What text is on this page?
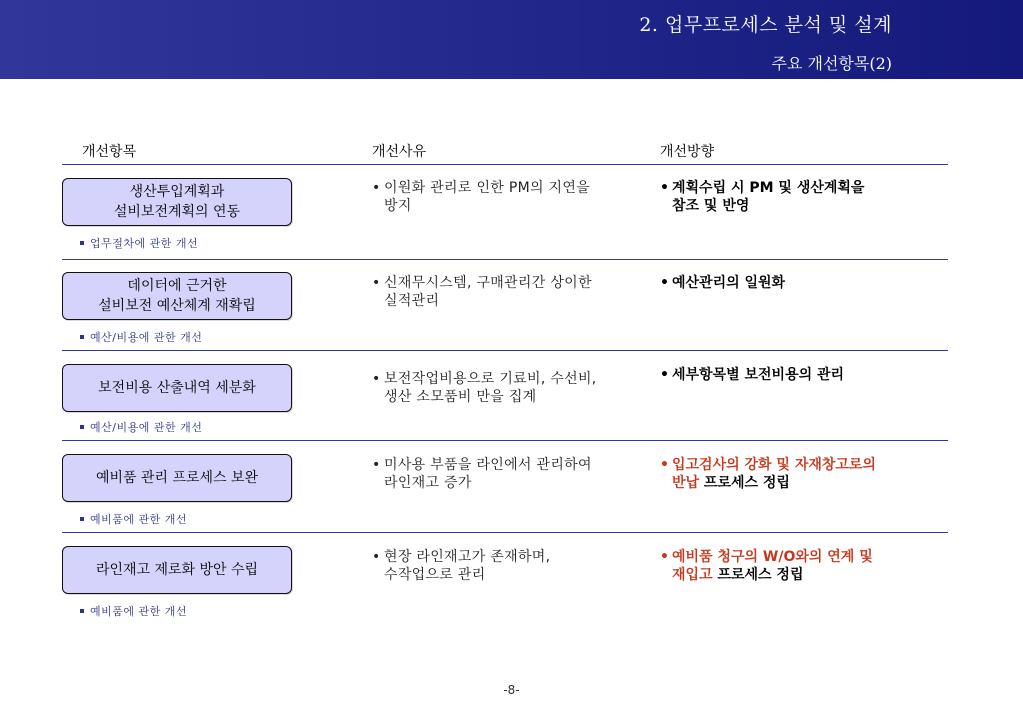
2. 업무프로세스 분석 및 설계
주요 개선항목(2)
개선항목	개선사유	개선방향
생산투입계획과
설비보전계획의 연동
업무절차에 관한 개선
• 이원화 관리로 인한 PM의 지연을
방지
• 계획수립 시 PM 및 생산계획을
참조 및 반영
데이터에 근거한
설비보전 예산체계 재확립
예산/비용에 관한 개선
• 신재무시스템, 구매관리간 상이한
실적관리
• 예산관리의 일원화
보전비용 산출내역 세분화
예산/비용에 관한 개선
• 보전작업비용으로 기료비, 수선비,
생산 소모품비 만을 집계
• 세부항목별 보전비용의 관리
예비품 관리 프로세스 보완
예비품에 관한 개선
• 미사용 부품을 라인에서 관리하여
라인재고 증가
• 입고검사의 강화 및 자재창고로의
반납 프로세스 정립
라인재고 제로화 방안 수립
예비품에 관한 개선
• 현장 라인재고가 존재하며,
수작업으로 관리
• 예비품 청구의 W/O와의 연계 및
재입고 프로세스 정립
-8-
